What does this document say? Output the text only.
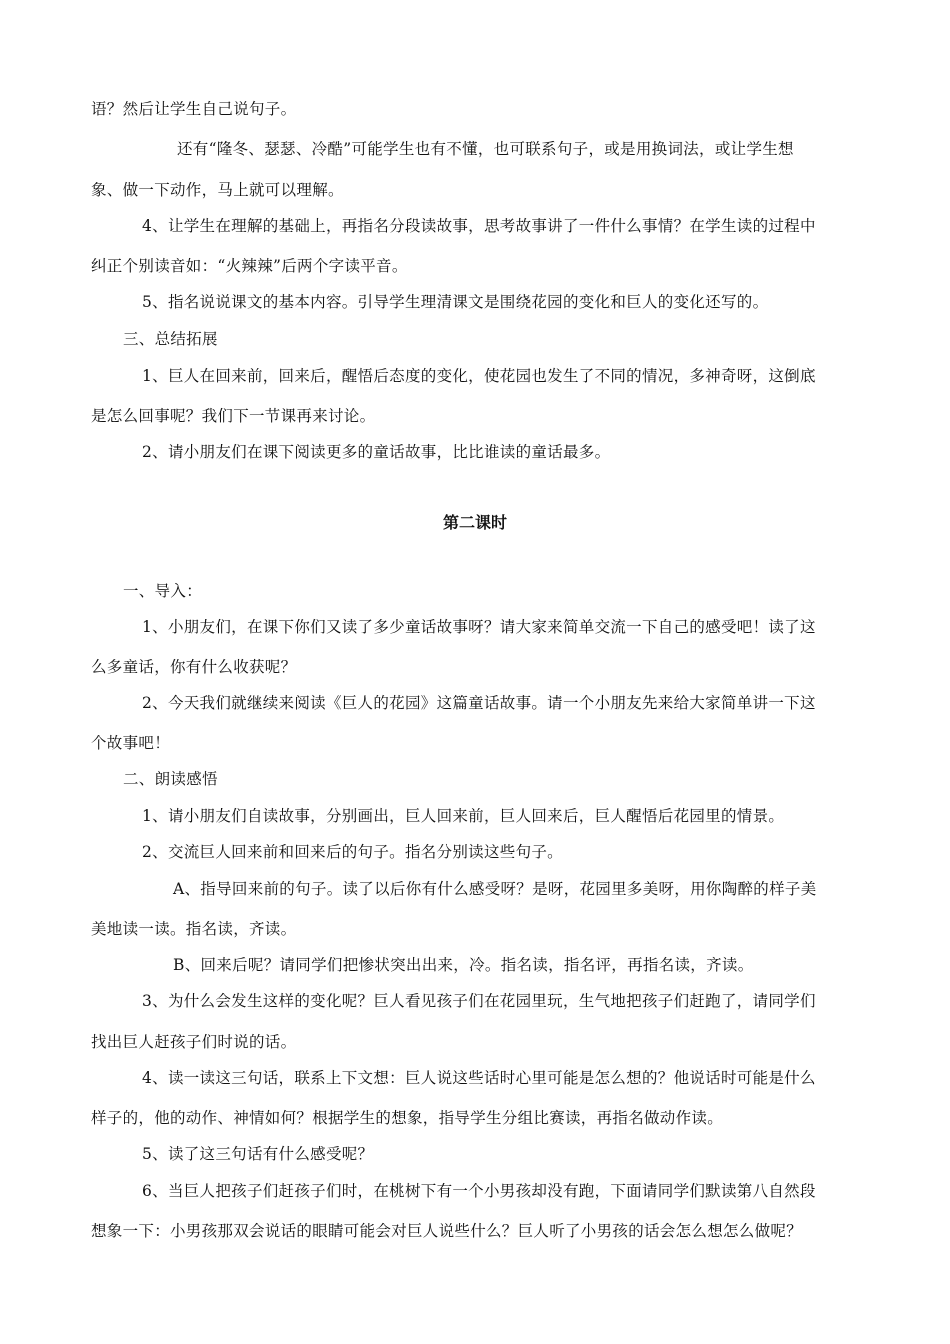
语？然后让学生自己说句子。
还有“隆冬、瑟瑟、冷酷”可能学生也有不懂，也可联系句子，或是用换词法，或让学生想
象、做一下动作，马上就可以理解。
4、让学生在理解的基础上，再指名分段读故事，思考故事讲了一件什么事情？在学生读的过程中
纠正个别读音如：“火辣辣”后两个字读平音。
5、指名说说课文的基本内容。引导学生理清课文是围绕花园的变化和巨人的变化还写的。
三、总结拓展
1、巨人在回来前，回来后，醒悟后态度的变化，使花园也发生了不同的情况，多神奇呀，这倒底
是怎么回事呢？我们下一节课再来讨论。
2、请小朋友们在课下阅读更多的童话故事，比比谁读的童话最多。
第二课时
一、导入：
1、小朋友们，在课下你们又读了多少童话故事呀？请大家来简单交流一下自己的感受吧！读了这
么多童话，你有什么收获呢？
2、今天我们就继续来阅读《巨人的花园》这篇童话故事。请一个小朋友先来给大家简单讲一下这
个故事吧！
二、朗读感悟
1、请小朋友们自读故事，分别画出，巨人回来前，巨人回来后，巨人醒悟后花园里的情景。
2、交流巨人回来前和回来后的句子。指名分别读这些句子。
A、指导回来前的句子。读了以后你有什么感受呀？是呀，花园里多美呀，用你陶醉的样子美
美地读一读。指名读，齐读。
B、回来后呢？请同学们把惨状突出出来，冷。指名读，指名评，再指名读，齐读。
3、为什么会发生这样的变化呢？巨人看见孩子们在花园里玩，生气地把孩子们赶跑了，请同学们
找出巨人赶孩子们时说的话。
4、读一读这三句话，联系上下文想：巨人说这些话时心里可能是怎么想的？他说话时可能是什么
样子的，他的动作、神情如何？根据学生的想象，指导学生分组比赛读，再指名做动作读。
5、读了这三句话有什么感受呢？
6、当巨人把孩子们赶孩子们时，在桃树下有一个小男孩却没有跑，下面请同学们默读第八自然段
想象一下：小男孩那双会说话的眼睛可能会对巨人说些什么？巨人听了小男孩的话会怎么想怎么做呢？
